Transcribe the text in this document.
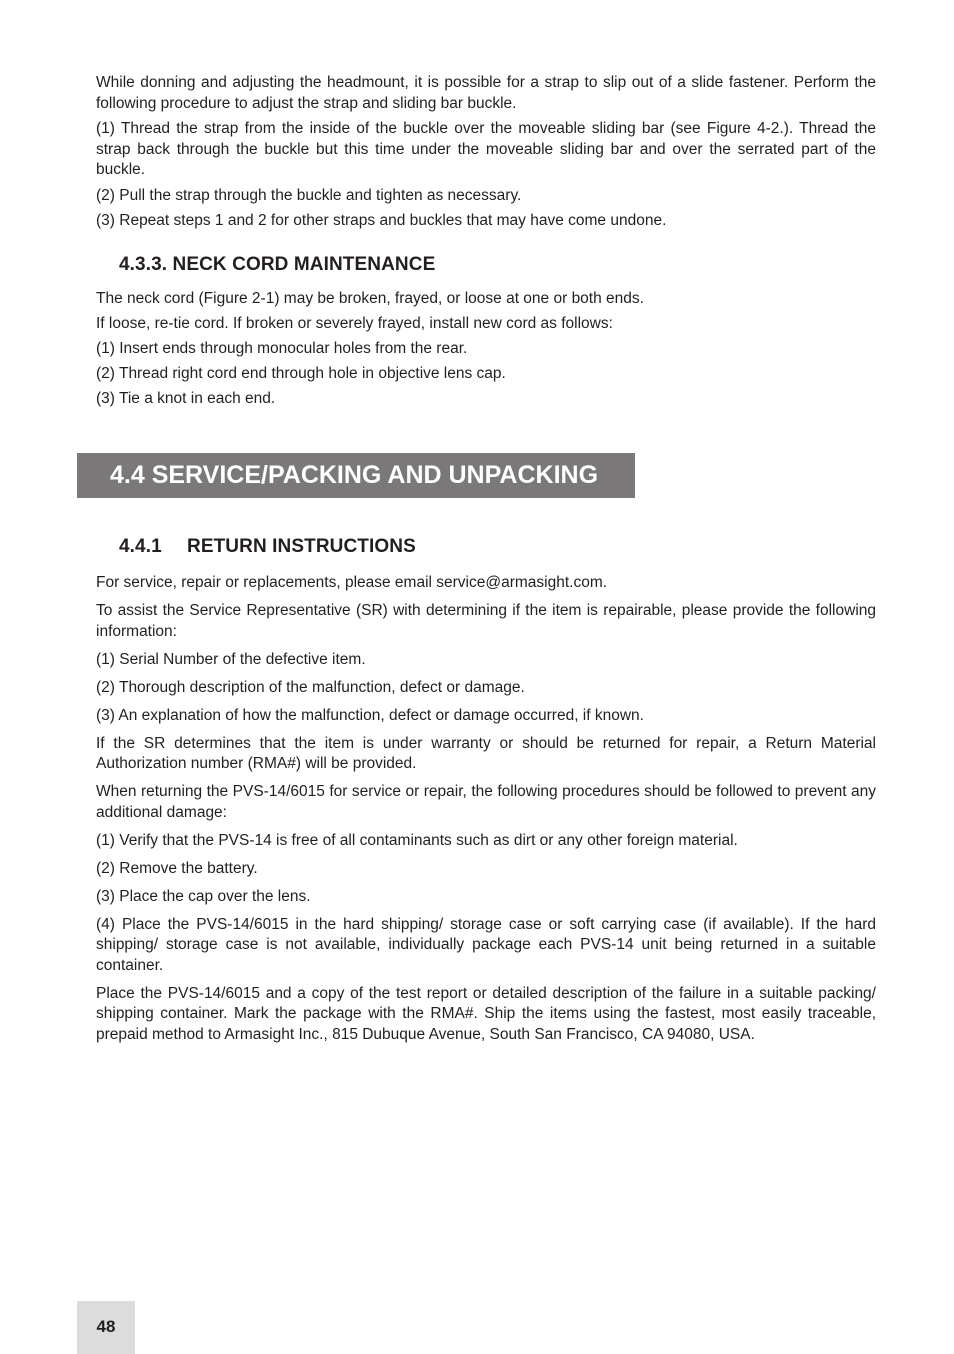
While donning and adjusting the headmount, it is possible for a strap to slip out of a slide fastener. Perform the following procedure to adjust the strap and sliding bar buckle.

(1) Thread the strap from the inside of the buckle over the moveable sliding bar (see Figure 4-2.). Thread the strap back through the buckle but this time under the moveable sliding bar and over the serrated part of the buckle.

(2) Pull the strap through the buckle and tighten as necessary.

(3) Repeat steps 1 and 2 for other straps and buckles that may have come undone.

4.3.3. NECK CORD MAINTENANCE

The neck cord (Figure 2-1) may be broken, frayed, or loose at one or both ends.

If loose, re-tie cord. If broken or severely frayed, install new cord as follows:

(1) Insert ends through monocular holes from the rear.

(2) Thread right cord end through hole in objective lens cap.

(3) Tie a knot in each end.

4.4 SERVICE/PACKING AND UNPACKING
4.4.1 RETURN INSTRUCTIONS

For service, repair or replacements, please email service@armasight.com.

To assist the Service Representative (SR) with determining if the item is repairable, please provide the following information:

(1) Serial Number of the defective item.

(2) Thorough description of the malfunction, defect or damage.

(3) An explanation of how the malfunction, defect or damage occurred, if known.

If the SR determines that the item is under warranty or should be returned for repair, a Return Material Authorization number (RMA#) will be provided.

When returning the PVS-14/6015 for service or repair, the following procedures should be followed to prevent any additional damage:

(1) Verify that the PVS-14 is free of all contaminants such as dirt or any other foreign material.

(2) Remove the battery.

(3) Place the cap over the lens.

(4) Place the PVS-14/6015 in the hard shipping/ storage case or soft carrying case (if available). If the hard shipping/ storage case is not available, individually package each PVS-14 unit being returned in a suitable container.

Place the PVS-14/6015 and a copy of the test report or detailed description of the failure in a suitable packing/ shipping container. Mark the package with the RMA#. Ship the items using the fastest, most easily traceable, prepaid method to Armasight Inc., 815 Dubuque Avenue, South San Francisco, CA 94080, USA.

48
